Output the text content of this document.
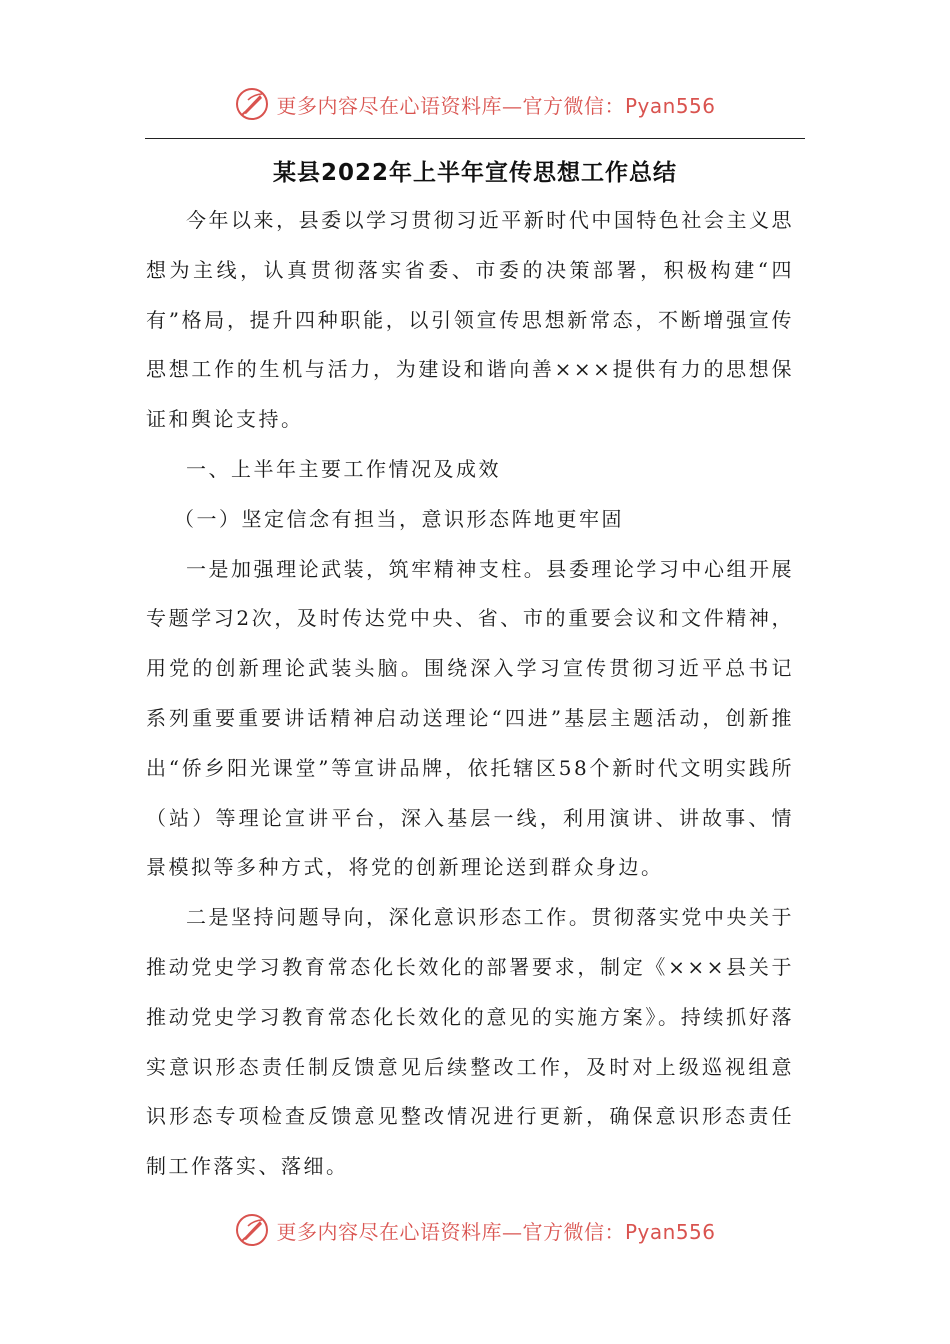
更多内容尽在心语资料库—官方微信：Pyan556
某县2022年上半年宣传思想工作总结

今年以来，县委以学习贯彻习近平新时代中国特色社会主义思想为主线，认真贯彻落实省委、市委的决策部署，积极构建“四有”格局，提升四种职能，以引领宣传思想新常态，不断增强宣传思想工作的生机与活力，为建设和谐向善×××提供有力的思想保证和舆论支持。

一、上半年主要工作情况及成效

（一）坚定信念有担当，意识形态阵地更牢固

一是加强理论武装，筑牢精神支柱。县委理论学习中心组开展专题学习2次，及时传达党中央、省、市的重要会议和文件精神，用党的创新理论武装头脑。围绕深入学习宣传贯彻习近平总书记系列重要重要讲话精神启动送理论“四进”基层主题活动，创新推出“侨乡阳光课堂”等宣讲品牌，依托辖区58个新时代文明实践所（站）等理论宣讲平台，深入基层一线，利用演讲、讲故事、情景模拟等多种方式，将党的创新理论送到群众身边。

二是坚持问题导向，深化意识形态工作。贯彻落实党中央关于推动党史学习教育常态化长效化的部署要求，制定《×××县关于推动党史学习教育常态化长效化的意见的实施方案》。持续抓好落实意识形态责任制反馈意见后续整改工作，及时对上级巡视组意识形态专项检查反馈意见整改情况进行更新，确保意识形态责任制工作落实、落细。

更多内容尽在心语资料库—官方微信：Pyan556
